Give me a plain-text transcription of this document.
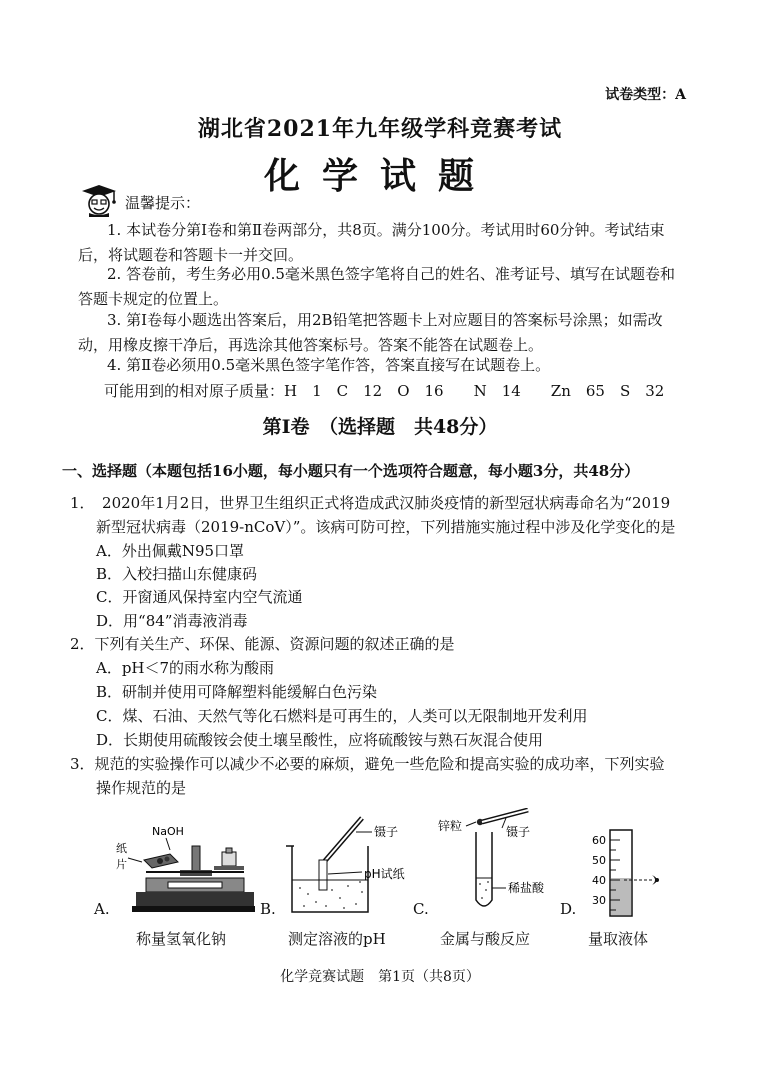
试卷类型：A
湖北省2021年九年级学科竞赛考试
化学试题
温馨提示：
1. 本试卷分第Ⅰ卷和第Ⅱ卷两部分，共8页。满分100分。考试用时60分钟。考试结束后，将试题卷和答题卡一并交回。
2. 答卷前，考生务必用0.5毫米黑色签字笔将自己的姓名、准考证号、填写在试题卷和答题卡规定的位置上。
3. 第Ⅰ卷每小题选出答案后，用2B铅笔把答题卡上对应题目的答案标号涂黑；如需改动，用橡皮擦干净后，再选涂其他答案标号。答案不能答在试题卷上。
4. 第Ⅱ卷必须用0.5毫米黑色签字笔作答，答案直接写在试题卷上。
可能用到的相对原子质量：H　1　C　12　O　16　　N　14　　Zn　65　S　32
第Ⅰ卷　（选择题　共48分）
一、选择题（本题包括16小题，每小题只有一个选项符合题意，每小题3分，共48分）
1．　2020年1月2日，世界卫生组织正式将造成武汉肺炎疫情的新型冠状病毒命名为“2019
新型冠状病毒（2019-nCoV）”。该病可防可控，下列措施实施过程中涉及化学变化的是
A．外出佩戴N95口罩
B．入校扫描山东健康码
C．开窗通风保持室内空气流通
D．用“84”消毒液消毒
2．下列有关生产、环保、能源、资源问题的叙述正确的是
A．pH＜7的雨水称为酸雨
B．研制并使用可降解塑料能缓解白色污染
C．煤、石油、天然气等化石燃料是可再生的，人类可以无限制地开发利用
D．长期使用硫酸铵会使土壤呈酸性，应将硫酸铵与熟石灰混合使用
3．规范的实验操作可以减少不必要的麻烦，避免一些危险和提高实验的成功率，下列实验
操作规范的是
A.
NaOH
纸
片
称量氢氧化钠
B.
镊子
pH试纸
测定溶液的pH
C.
锌粒	镊子
稀盐酸
金属与酸反应
D.
60
50
40
30
量取液体
化学竞赛试题　第1页（共8页）
